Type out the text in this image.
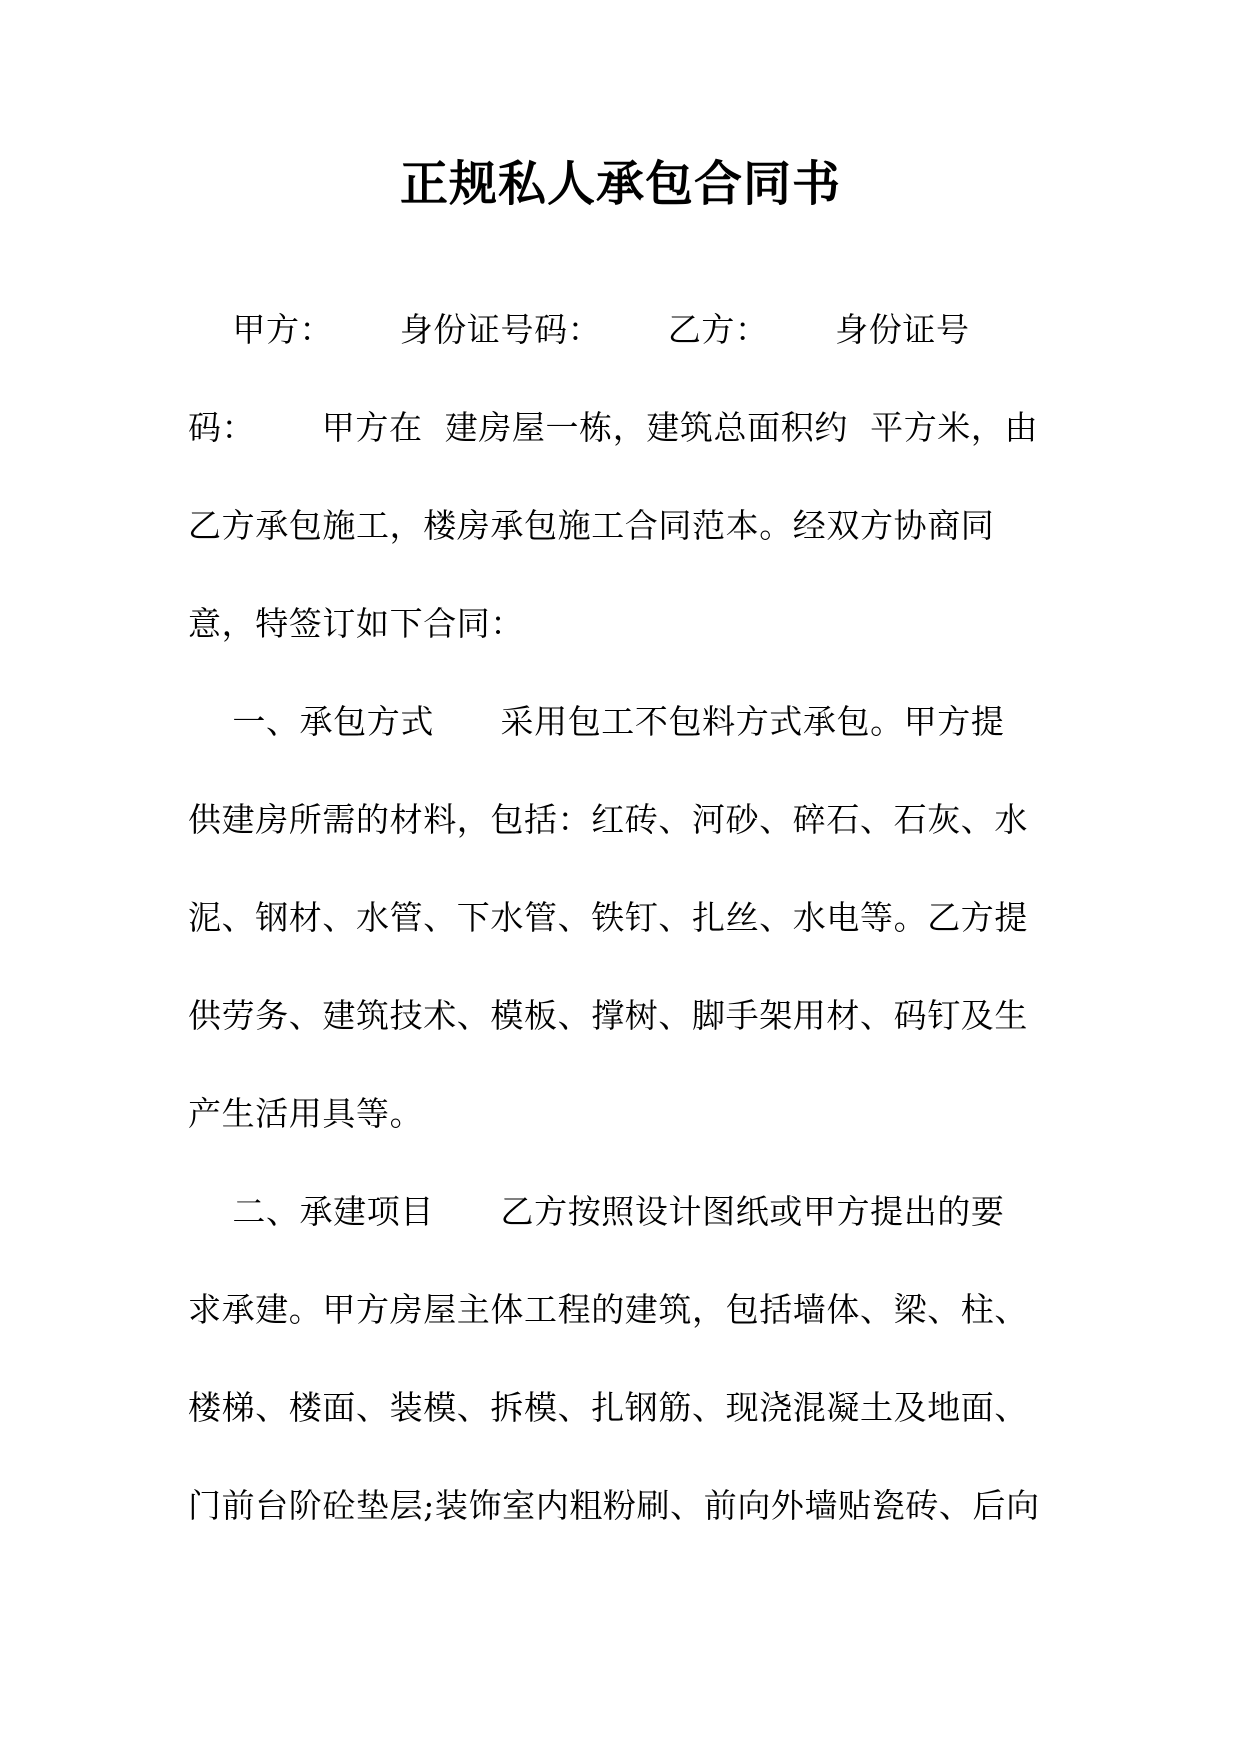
正规私人承包合同书
甲方：      身份证号码：      乙方：      身份证号
码：      甲方在  建房屋一栋，建筑总面积约  平方米，由
乙方承包施工，楼房承包施工合同范本。经双方协商同
意，特签订如下合同：
一、承包方式      采用包工不包料方式承包。甲方提
供建房所需的材料，包括：红砖、河砂、碎石、石灰、水
泥、钢材、水管、下水管、铁钉、扎丝、水电等。乙方提
供劳务、建筑技术、模板、撑树、脚手架用材、码钉及生
产生活用具等。
二、承建项目      乙方按照设计图纸或甲方提出的要
求承建。甲方房屋主体工程的建筑，包括墙体、梁、柱、
楼梯、楼面、装模、拆模、扎钢筋、现浇混凝土及地面、
门前台阶砼垫层;装饰室内粗粉刷、前向外墙贴瓷砖、后向
